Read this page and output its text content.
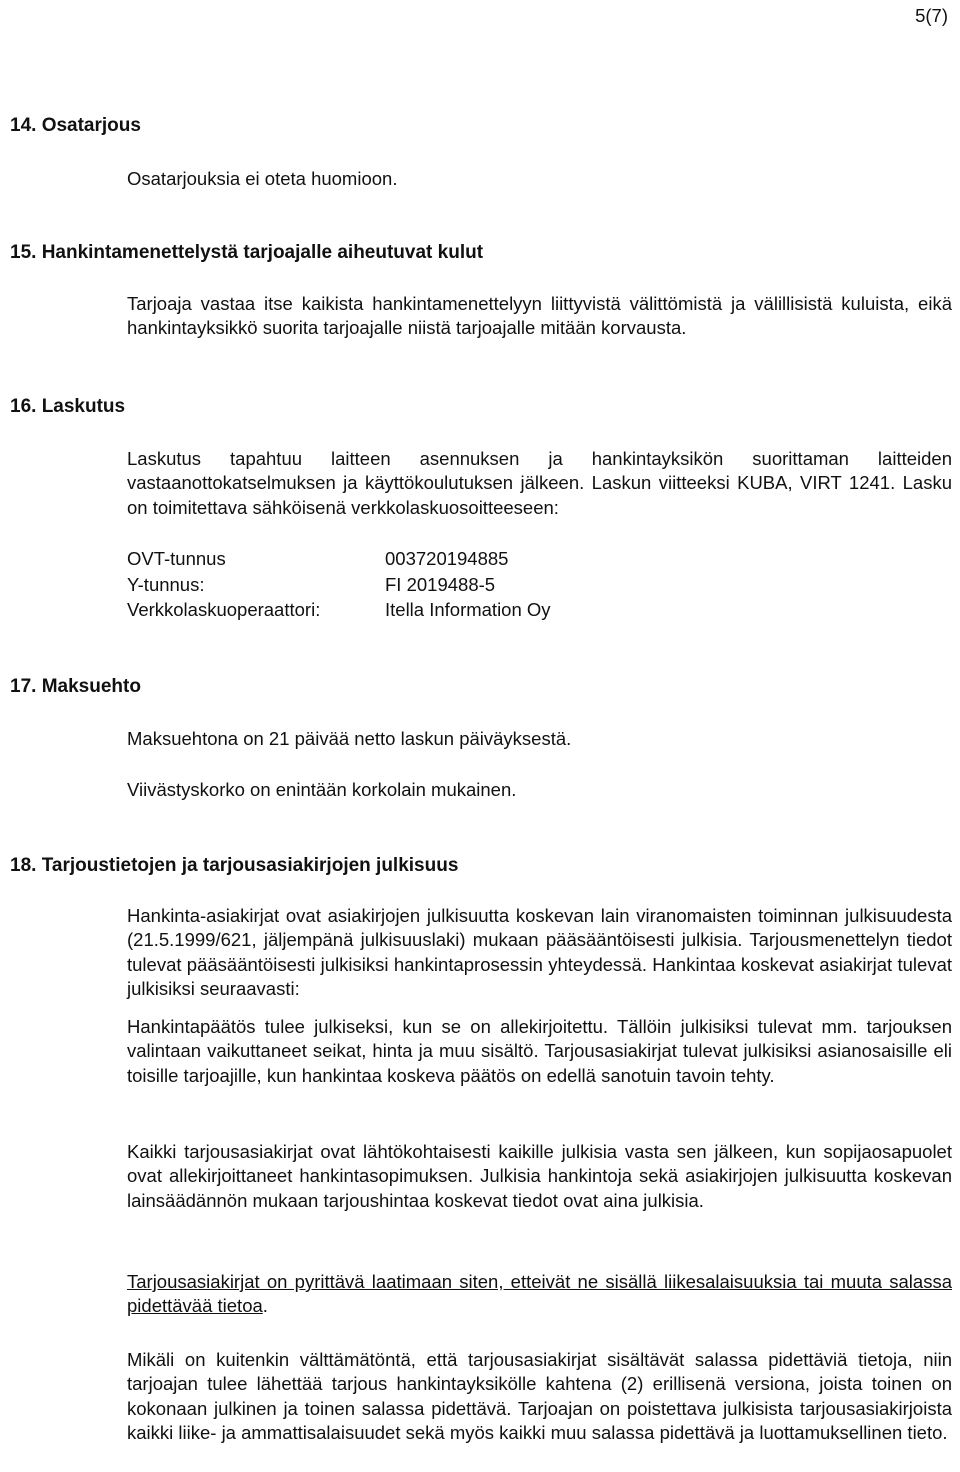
5(7)
14. Osatarjous

Osatarjouksia ei oteta huomioon.

15. Hankintamenettelystä tarjoajalle aiheutuvat kulut

Tarjoaja vastaa itse kaikista hankintamenettelyyn liittyvistä välittömistä ja välillisistä kuluista, eikä hankintayksikkö suorita tarjoajalle niistä tarjoajalle mitään korvausta.

16. Laskutus

Laskutus tapahtuu laitteen asennuksen ja hankintayksikön suorittaman laitteiden vastaanottokatselmuksen ja käyttökoulutuksen jälkeen. Laskun viitteeksi KUBA, VIRT 1241. Lasku on toimitettava sähköisenä verkkolaskuosoitteeseen:

OVT-tunnus	003720194885
Y-tunnus:	FI 2019488-5
Verkkolaskuoperaattori:	Itella Information Oy
17. Maksuehto

Maksuehtona on 21 päivää netto laskun päiväyksestä.

Viivästyskorko on enintään korkolain mukainen.

18. Tarjoustietojen ja tarjousasiakirjojen julkisuus

Hankinta-asiakirjat ovat asiakirjojen julkisuutta koskevan lain viranomaisten toiminnan julkisuudesta (21.5.1999/621, jäljempänä julkisuuslaki) mukaan pääsääntöisesti julkisia. Tarjousmenettelyn tiedot tulevat pääsääntöisesti julkisiksi hankintaprosessin yhteydessä. Hankintaa koskevat asiakirjat tulevat julkisiksi seuraavasti:

Hankintapäätös tulee julkiseksi, kun se on allekirjoitettu. Tällöin julkisiksi tulevat mm. tarjouksen valintaan vaikuttaneet seikat, hinta ja muu sisältö. Tarjousasiakirjat tulevat julkisiksi asianosaisille eli toisille tarjoajille, kun hankintaa koskeva päätös on edellä sanotuin tavoin tehty.

Kaikki tarjousasiakirjat ovat lähtökohtaisesti kaikille julkisia vasta sen jälkeen, kun sopijaosapuolet ovat allekirjoittaneet hankintasopimuksen. Julkisia hankintoja sekä asiakirjojen julkisuutta koskevan lainsäädännön mukaan tarjoushintaa koskevat tiedot ovat aina julkisia.

Tarjousasiakirjat on pyrittävä laatimaan siten, etteivät ne sisällä liikesalaisuuksia tai muuta salassa pidettävää tietoa.

Mikäli on kuitenkin välttämätöntä, että tarjousasiakirjat sisältävät salassa pidettäviä tietoja, niin tarjoajan tulee lähettää tarjous hankintayksikölle kahtena (2) erillisenä versiona, joista toinen on kokonaan julkinen ja toinen salassa pidettävä. Tarjoajan on poistettava julkisista tarjousasiakirjoista kaikki liike- ja ammattisalaisuudet sekä myös kaikki muu salassa pidettävä ja luottamuksellinen tieto.
